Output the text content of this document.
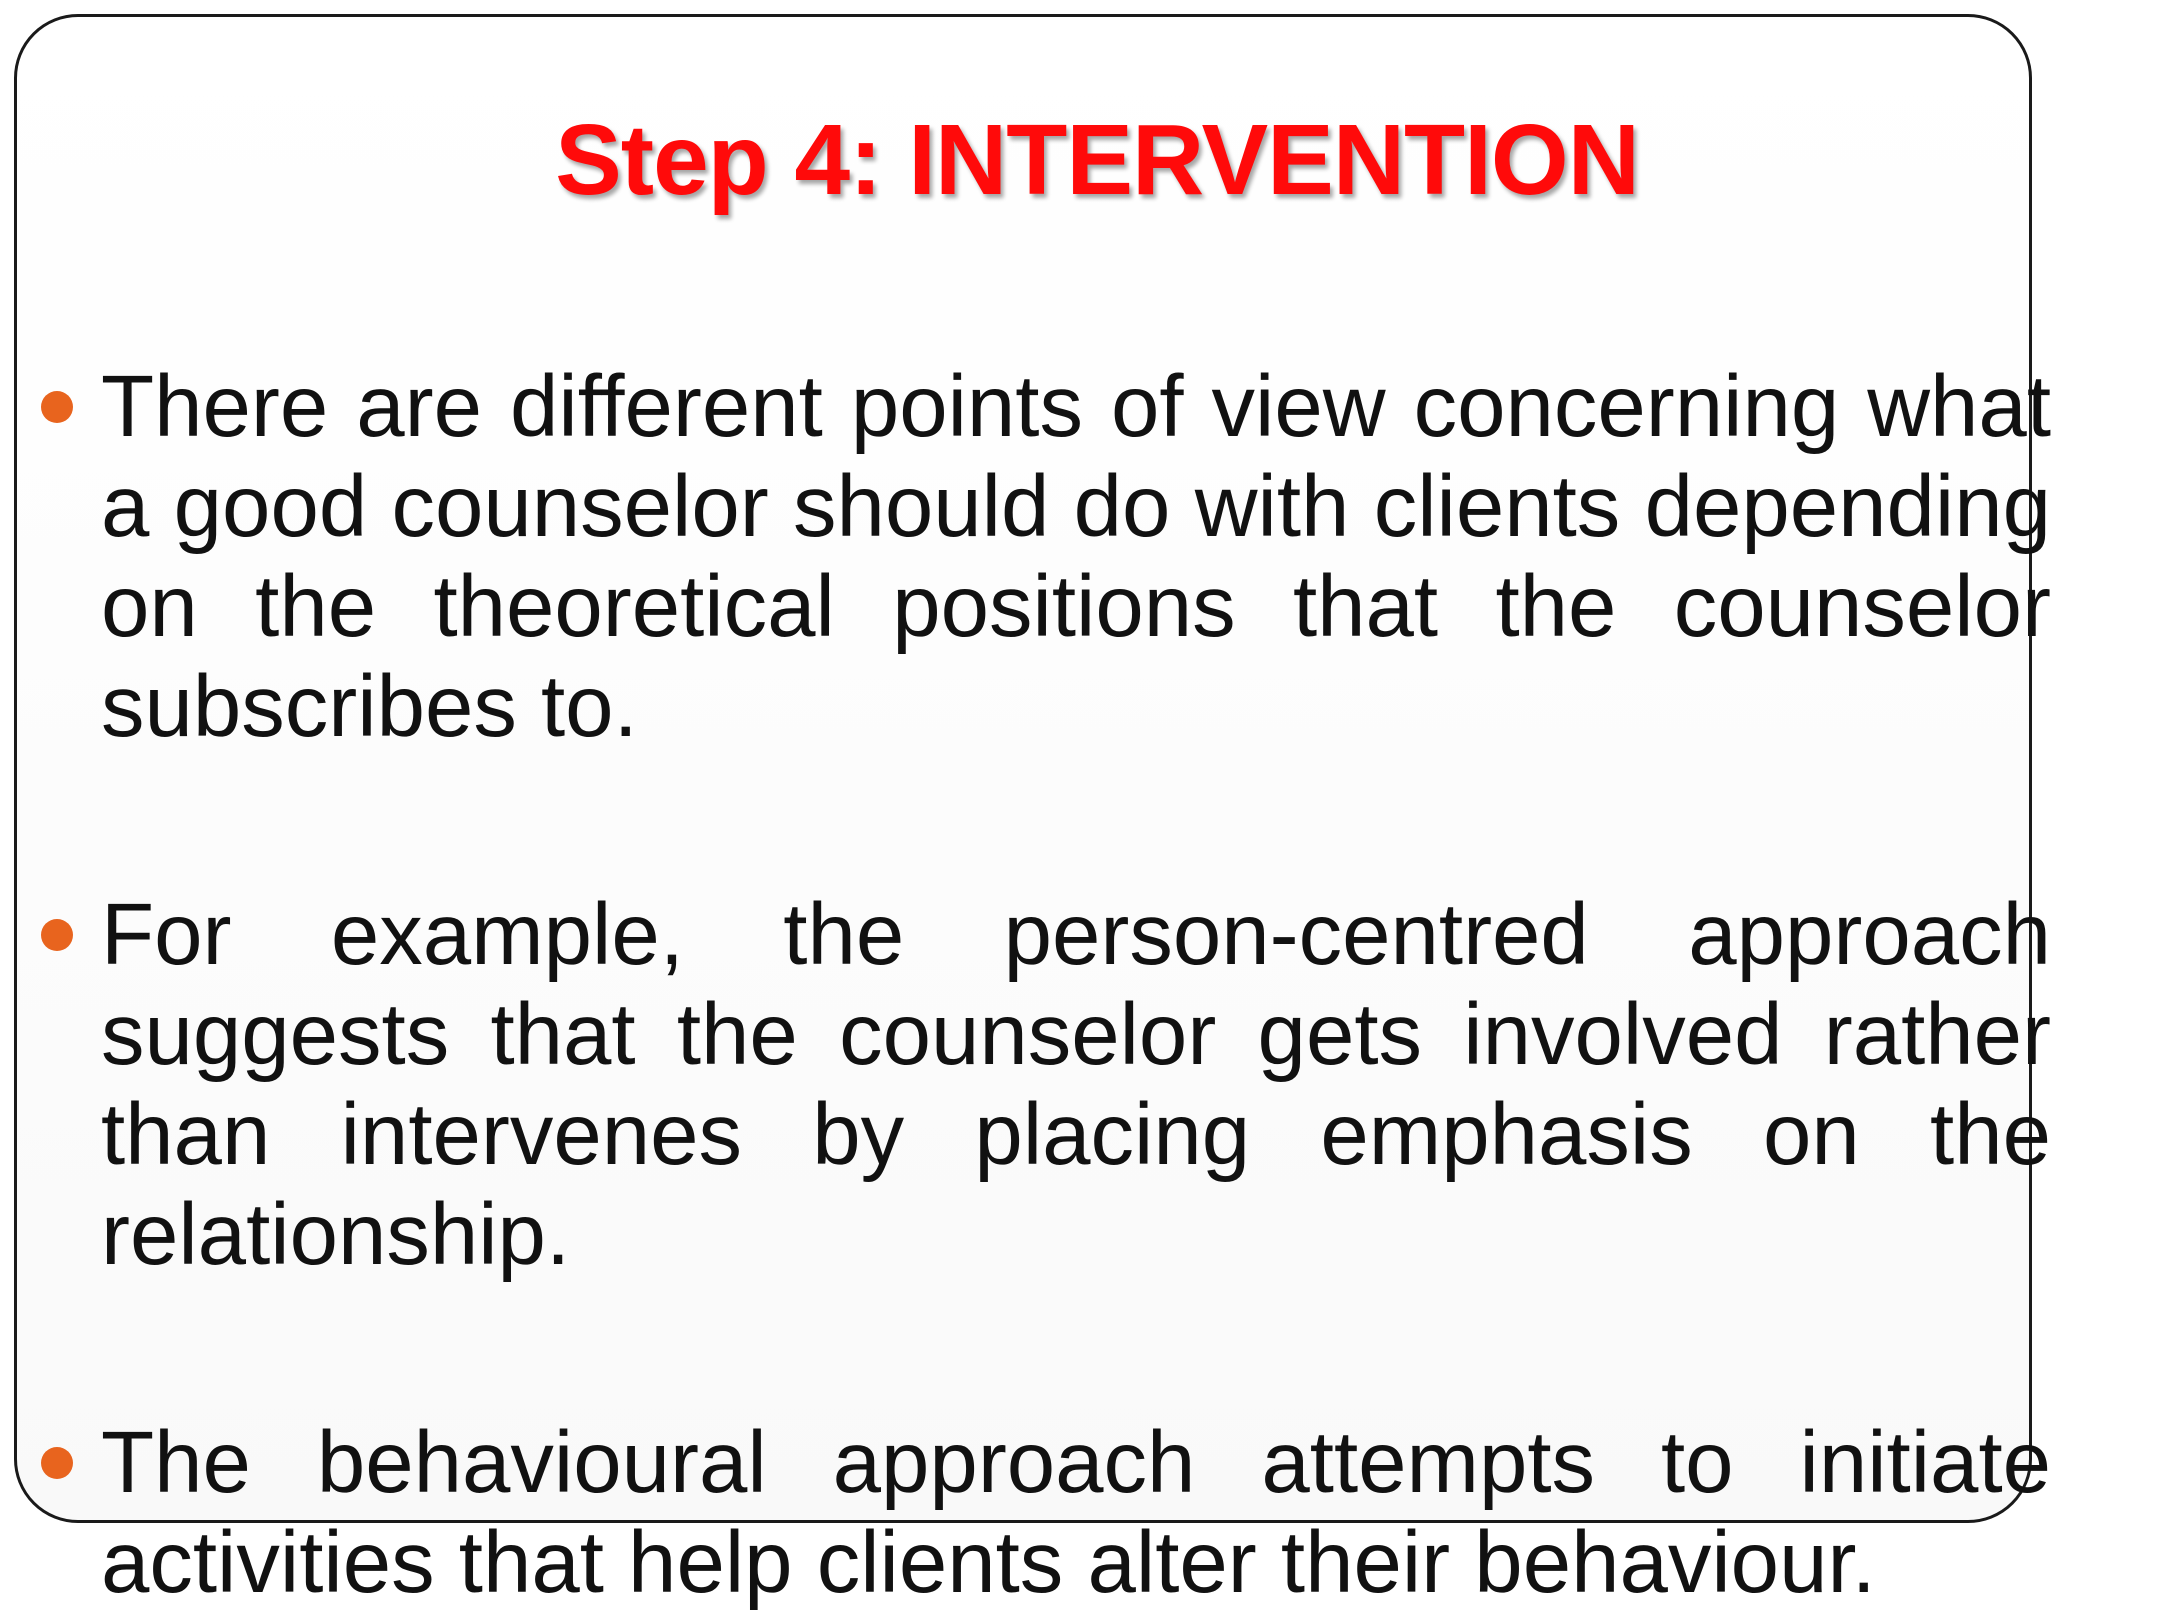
Step 4: INTERVENTION

There are different points of view concerning what a good counselor should do with clients depending on the theoretical positions that the counselor subscribes to.

For example, the person-centred approach suggests that the counselor gets involved rather than intervenes by placing emphasis on the relationship.

The behavioural approach attempts to initiate activities that help clients alter their behaviour.
